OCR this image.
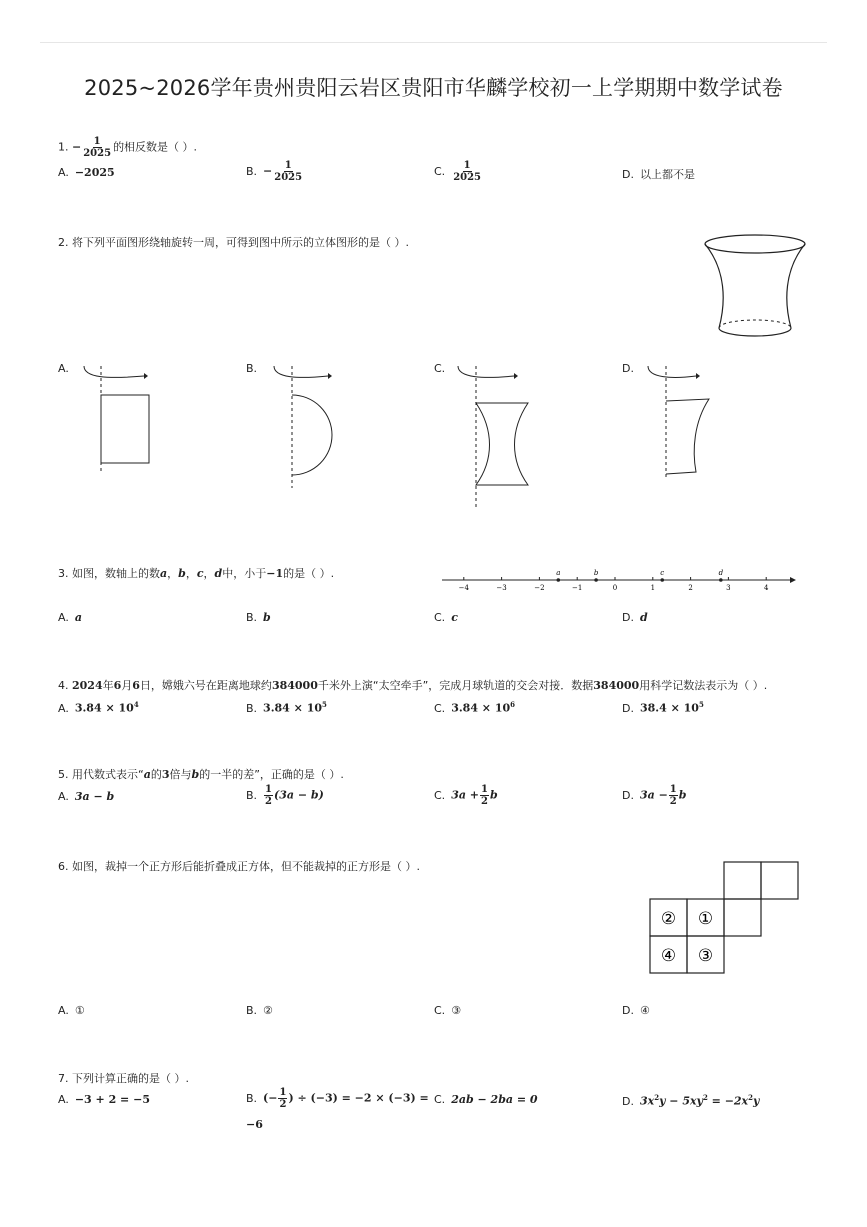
2025~2026学年贵州贵阳云岩区贵阳市华麟学校初一上学期期中数学试卷
1. − $\frac{1}{2025}$ 的相反数是（ ）.
A. −2025	B. − $\frac{1}{2025}$	C. $\frac{1}{2025}$	D. 以上都不是
2. 将下列平面图形绕轴旋转一周，可得到图中所示的立体图形的是（ ）.
A.	B.	C.	D.
3. 如图，数轴上的数a，b，c，d中，小于−1的是（ ）.
−4	−3	−2	−1	0	1	2	3	4
a	b	c	d
A. a	B. b	C. c	D. d
4. 2024年6月6日，嫦娥六号在距离地球约384000千米外上演“太空牵手”，完成月球轨道的交会对接．数据384000用科学记数法表示为（ ）.
A. $3.84 \times 10^4$	B. $3.84 \times 10^5$	C. $3.84 \times 10^6$	D. $38.4 \times 10^5$
5. 用代数式表示“a的3倍与b的一半的差”，正确的是（ ）.
A. 3a − b	B. $\frac{1}{2} (3a - b)$	C. $3a + \frac{1}{2}$ b	D. $3a - \frac{1}{2}$ b
6. 如图，裁掉一个正方形后能折叠成正方体，但不能裁掉的正方形是（ ）.
② ①
④ ③
A. ①	B. ②	C. ③	D. ④
7. 下列计算正确的是（ ）.
A. −3 + 2 = −5	B. (− $\frac{1}{2}$ ) ÷ (−3) = −2 × (−3) =
−6
C. 2ab − 2ba = 0	D. $3x^2y - 5xy^2 = -2x^2y$
